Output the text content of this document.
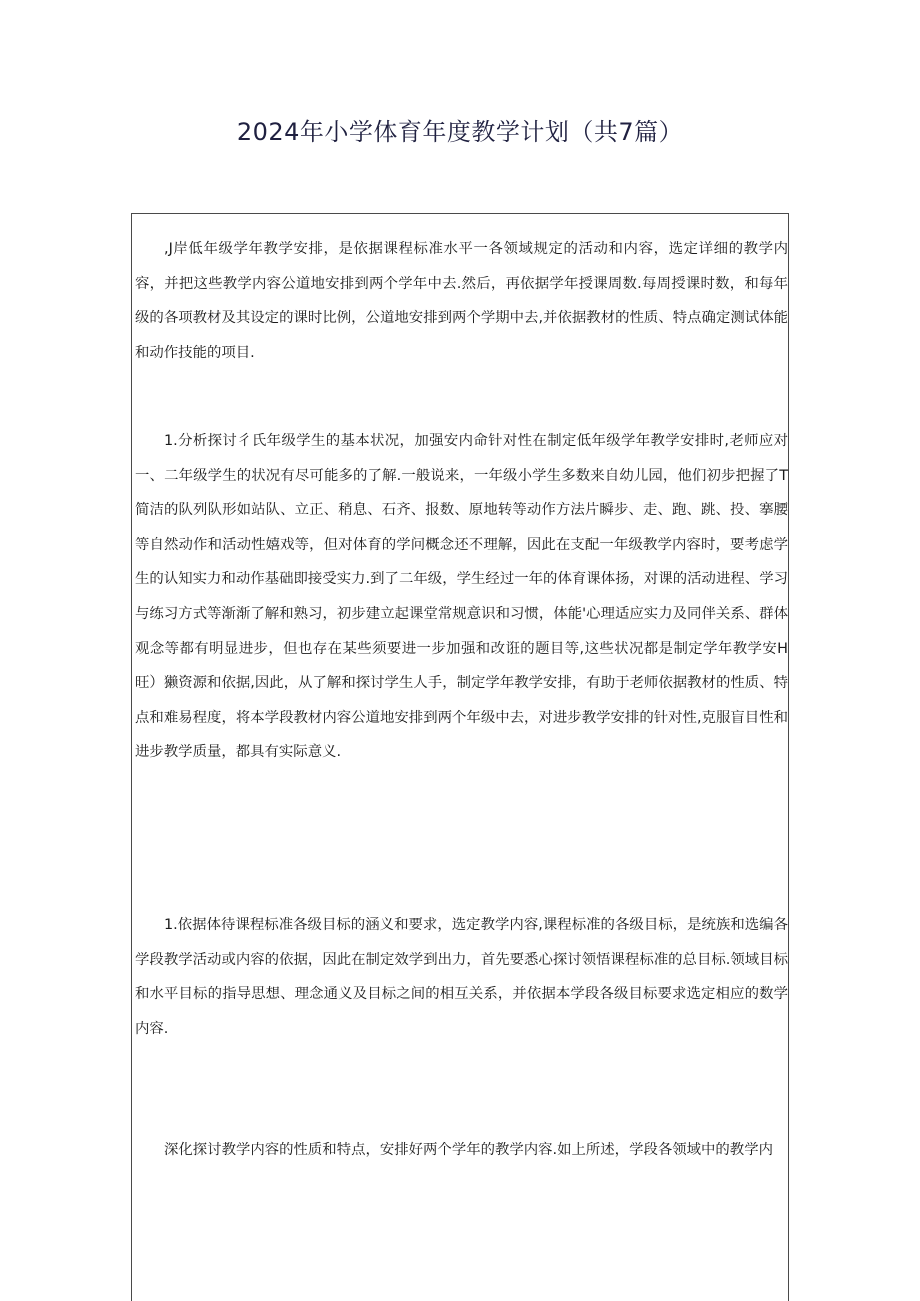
2024年小学体育年度教学计划（共7篇）
,J岸低年级学年教学安排，是依据课程标准水平一各领域规定的活动和内容，选定详细的教学内容，并把这些教学内容公道地安排到两个学年中去.然后，再依据学年授课周数.每周授课时数，和每年级的各项教材及其设定的课时比例，公道地安排到两个学期中去,并依据教材的性质、特点确定测试体能和动作技能的项目.
1.分析探讨彳氏年级学生的基本状况，加强安内命针对性在制定低年级学年教学安排时,老师应对一、二年级学生的状况有尽可能多的了解.一般说来，一年级小学生多数来自幼儿园，他们初步把握了T简洁的队列队形如站队、立正、稍息、石齐、报数、原地转等动作方法片瞬步、走、跑、跳、投、搴腰等自然动作和活动性嬉戏等，但对体育的学问概念还不理解，因此在支配一年级教学内容时，要考虑学生的认知实力和动作基础即接受实力.到了二年级，学生经过一年的体育课体扬，对课的活动进程、学习与练习方式等渐渐了解和熟习，初步建立起课堂常规意识和习惯，体能'心理适应实力及同伴关系、群体观念等都有明显进步，但也存在某些须要进一步加强和改诳的题目等,这些状况都是制定学年教学安H旺）獭资源和依据,因此，从了解和探讨学生人手，制定学年教学安排，有助于老师依据教材的性质、特点和难易程度，将本学段教材内容公道地安排到两个年级中去，对进步教学安排的针对性,克服盲目性和进步教学质量，都具有实际意义.
1.依据体待课程标准各级目标的涵义和要求，选定教学内容,课程标准的各级目标，是统族和选编各学段教学活动或内容的依据，因此在制定效学到出力，首先要悉心探讨领悟课程标准的总目标.领域目标和水平目标的指导思想、理念通义及目标之间的相互关系，并依据本学段各级目标要求选定相应的数学内容.
深化探讨教学内容的性质和特点，安排好两个学年的教学内容.如上所述，学段各领域中的教学内
